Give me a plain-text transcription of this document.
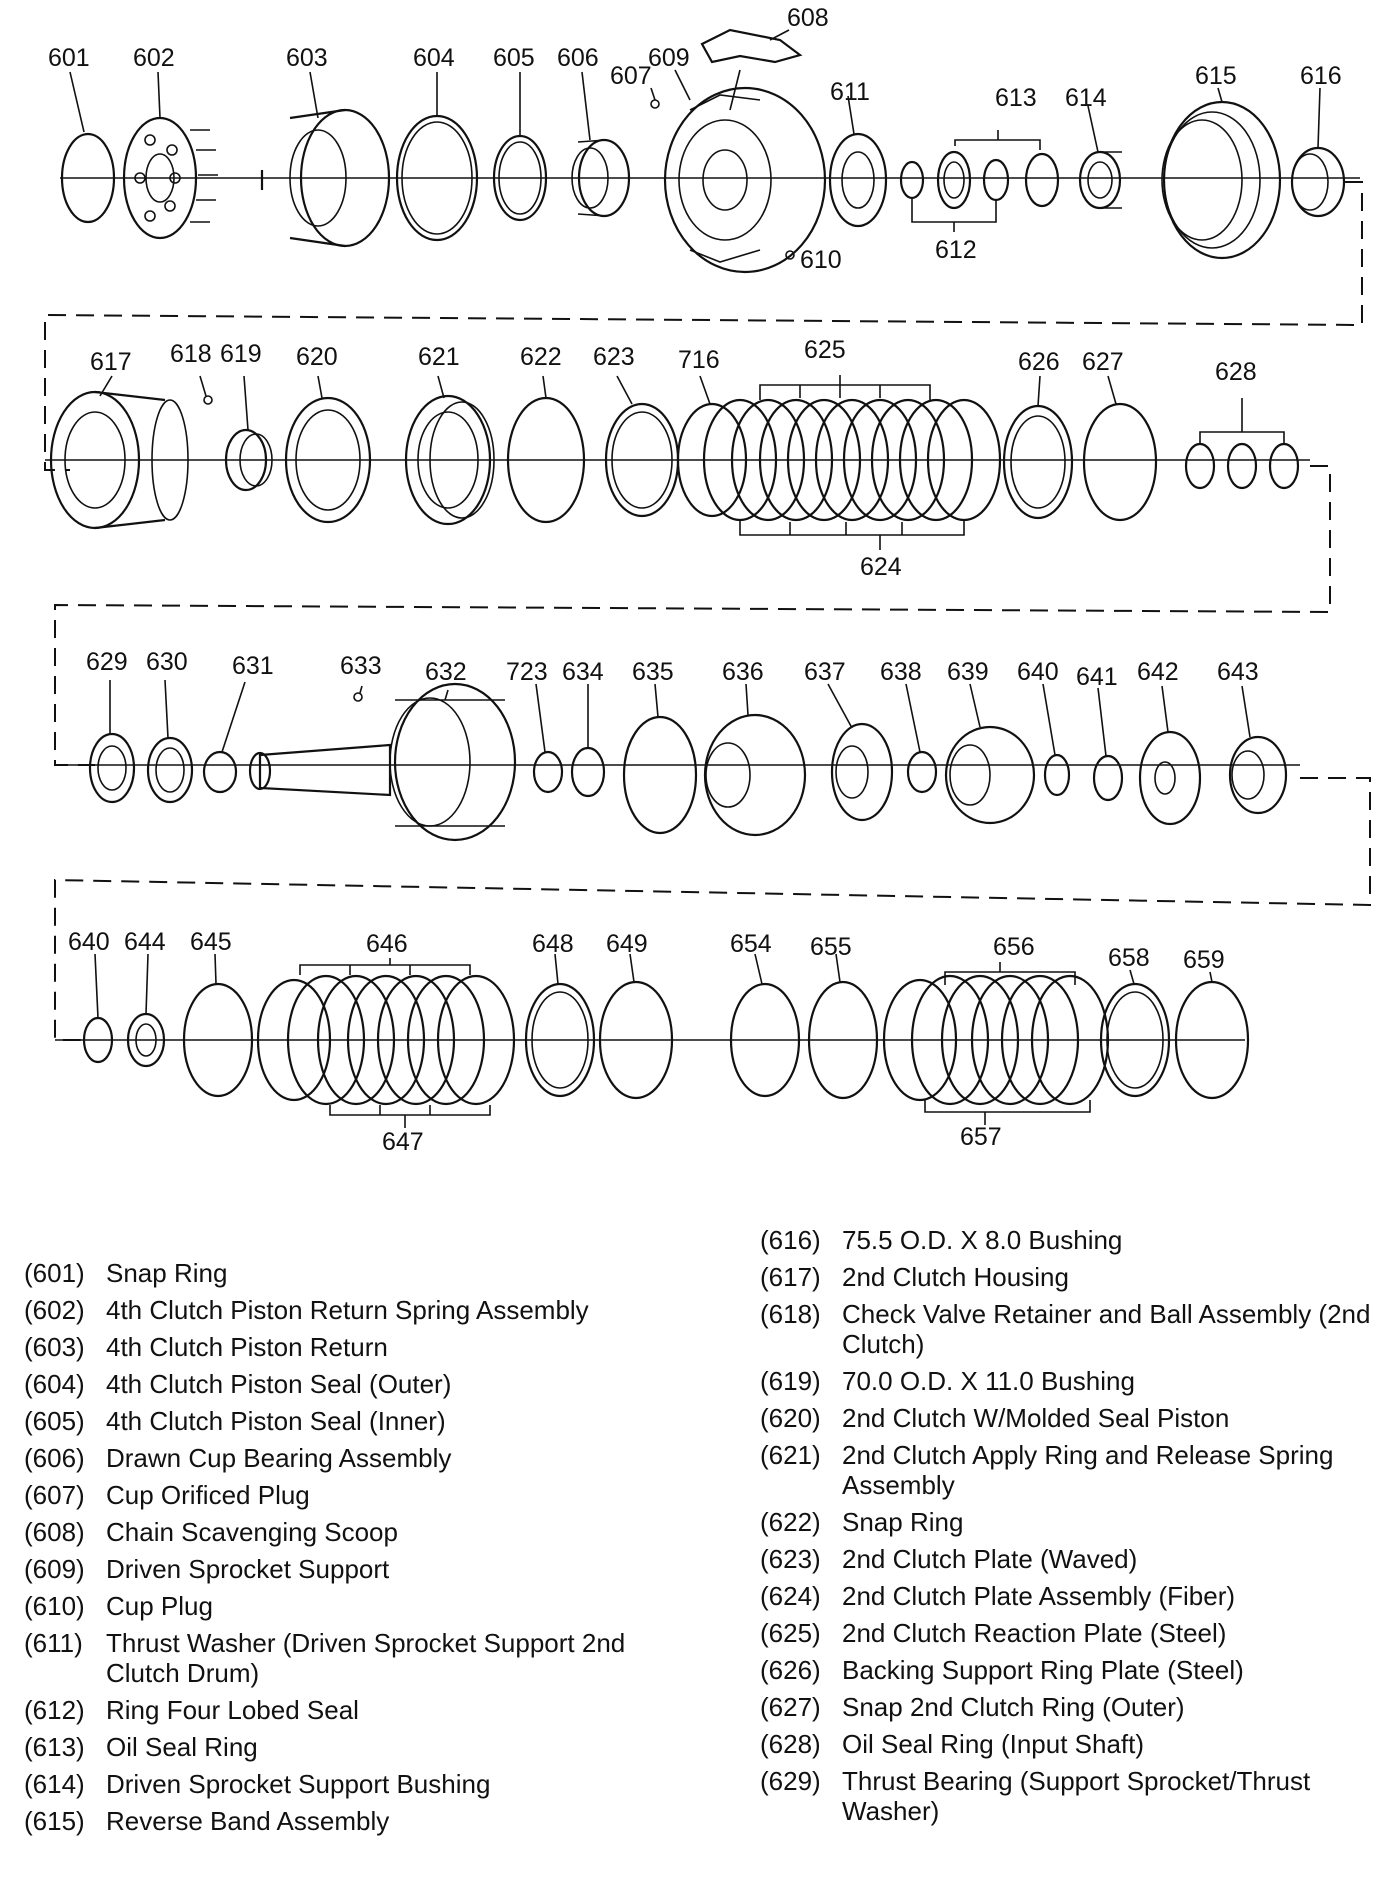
601 602	603	604 605 606
607
608
609
610
611
612
613 614
615	616
617 618 619 620	621 622 623 716	625
624
626 627	628
629 630 631	633 632 723 634 635 636 637 638 639 640 641 642 643
640 644 645	646
647
648 649	654 655	656
657
658 659
(601) Snap Ring
(602) 4th Clutch Piston Return Spring Assembly
(603) 4th Clutch Piston Return
(604) 4th Clutch Piston Seal (Outer)
(605) 4th Clutch Piston Seal (Inner)
(606) Drawn Cup Bearing Assembly
(607) Cup Orificed Plug
(608) Chain Scavenging Scoop
(609) Driven Sprocket Support
(610) Cup Plug
(611) Thrust Washer (Driven Sprocket Support 2nd Clutch Drum)
(612) Ring Four Lobed Seal
(613) Oil Seal Ring
(614) Driven Sprocket Support Bushing
(615) Reverse Band Assembly
(616) 75.5 O.D. X 8.0 Bushing
(617) 2nd Clutch Housing
(618) Check Valve Retainer and Ball Assembly (2nd Clutch)
(619) 70.0 O.D. X 11.0 Bushing
(620) 2nd Clutch W/Molded Seal Piston
(621) 2nd Clutch Apply Ring and Release Spring Assembly
(622) Snap Ring
(623) 2nd Clutch Plate (Waved)
(624) 2nd Clutch Plate Assembly (Fiber)
(625) 2nd Clutch Reaction Plate (Steel)
(626) Backing Support Ring Plate (Steel)
(627) Snap 2nd Clutch Ring (Outer)
(628) Oil Seal Ring (Input Shaft)
(629) Thrust Bearing (Support Sprocket/Thrust Washer)
